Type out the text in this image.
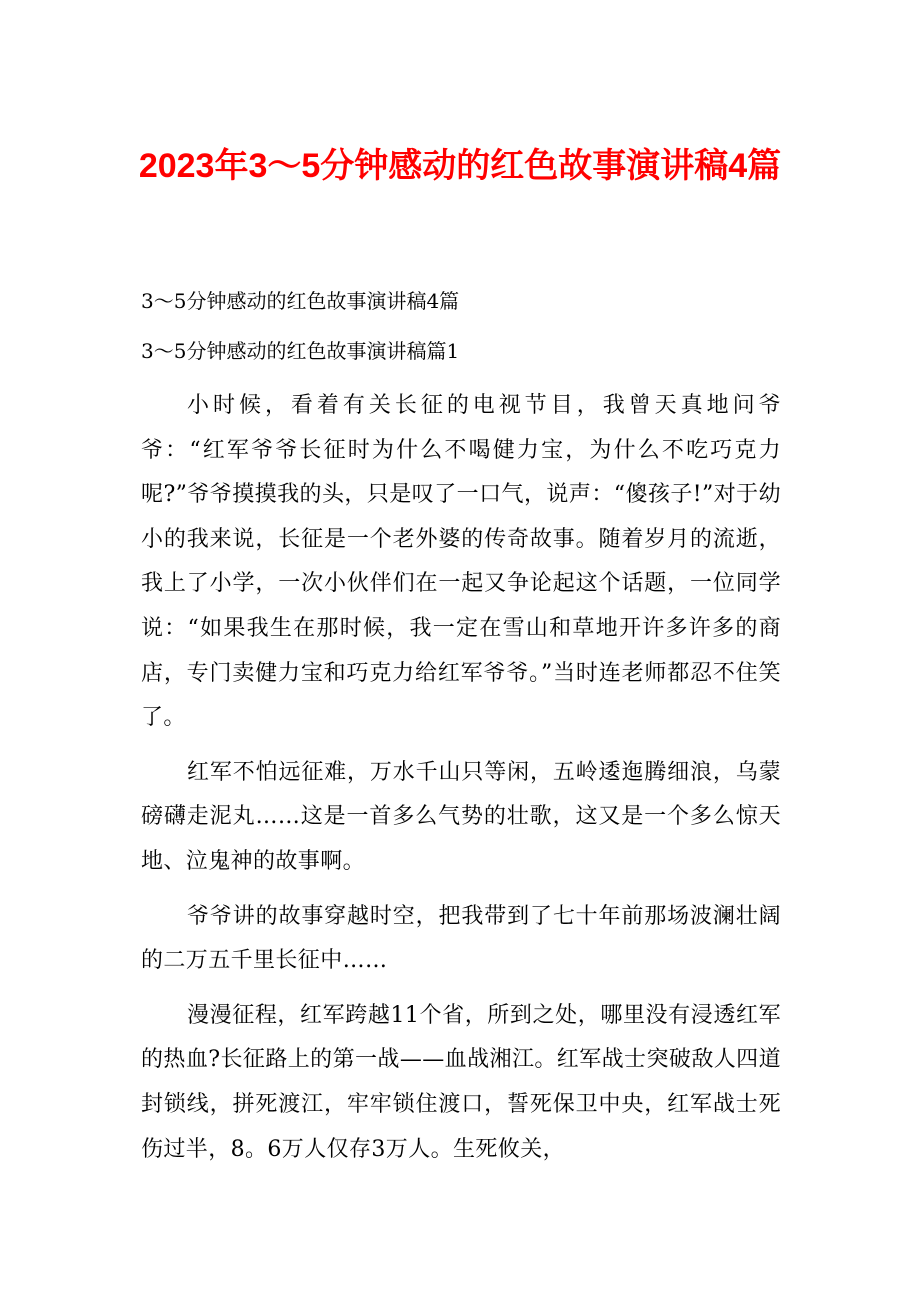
2023年3～5分钟感动的红色故事演讲稿4篇

3～5分钟感动的红色故事演讲稿4篇

3～5分钟感动的红色故事演讲稿篇1

小时候，看着有关长征的电视节目，我曾天真地问爷爷：“红军爷爷长征时为什么不喝健力宝，为什么不吃巧克力呢?”爷爷摸摸我的头，只是叹了一口气，说声：“傻孩子!”对于幼小的我来说，长征是一个老外婆的传奇故事。随着岁月的流逝，我上了小学，一次小伙伴们在一起又争论起这个话题，一位同学说：“如果我生在那时候，我一定在雪山和草地开许多许多的商店，专门卖健力宝和巧克力给红军爷爷。”当时连老师都忍不住笑了。

红军不怕远征难，万水千山只等闲，五岭逶迤腾细浪，乌蒙磅礴走泥丸……这是一首多么气势的壮歌，这又是一个多么惊天地、泣鬼神的故事啊。

爷爷讲的故事穿越时空，把我带到了七十年前那场波澜壮阔的二万五千里长征中……

漫漫征程，红军跨越11个省，所到之处，哪里没有浸透红军的热血?长征路上的第一战——血战湘江。红军战士突破敌人四道封锁线，拼死渡江，牢牢锁住渡口，誓死保卫中央，红军战士死伤过半，8。6万人仅存3万人。生死攸关，
